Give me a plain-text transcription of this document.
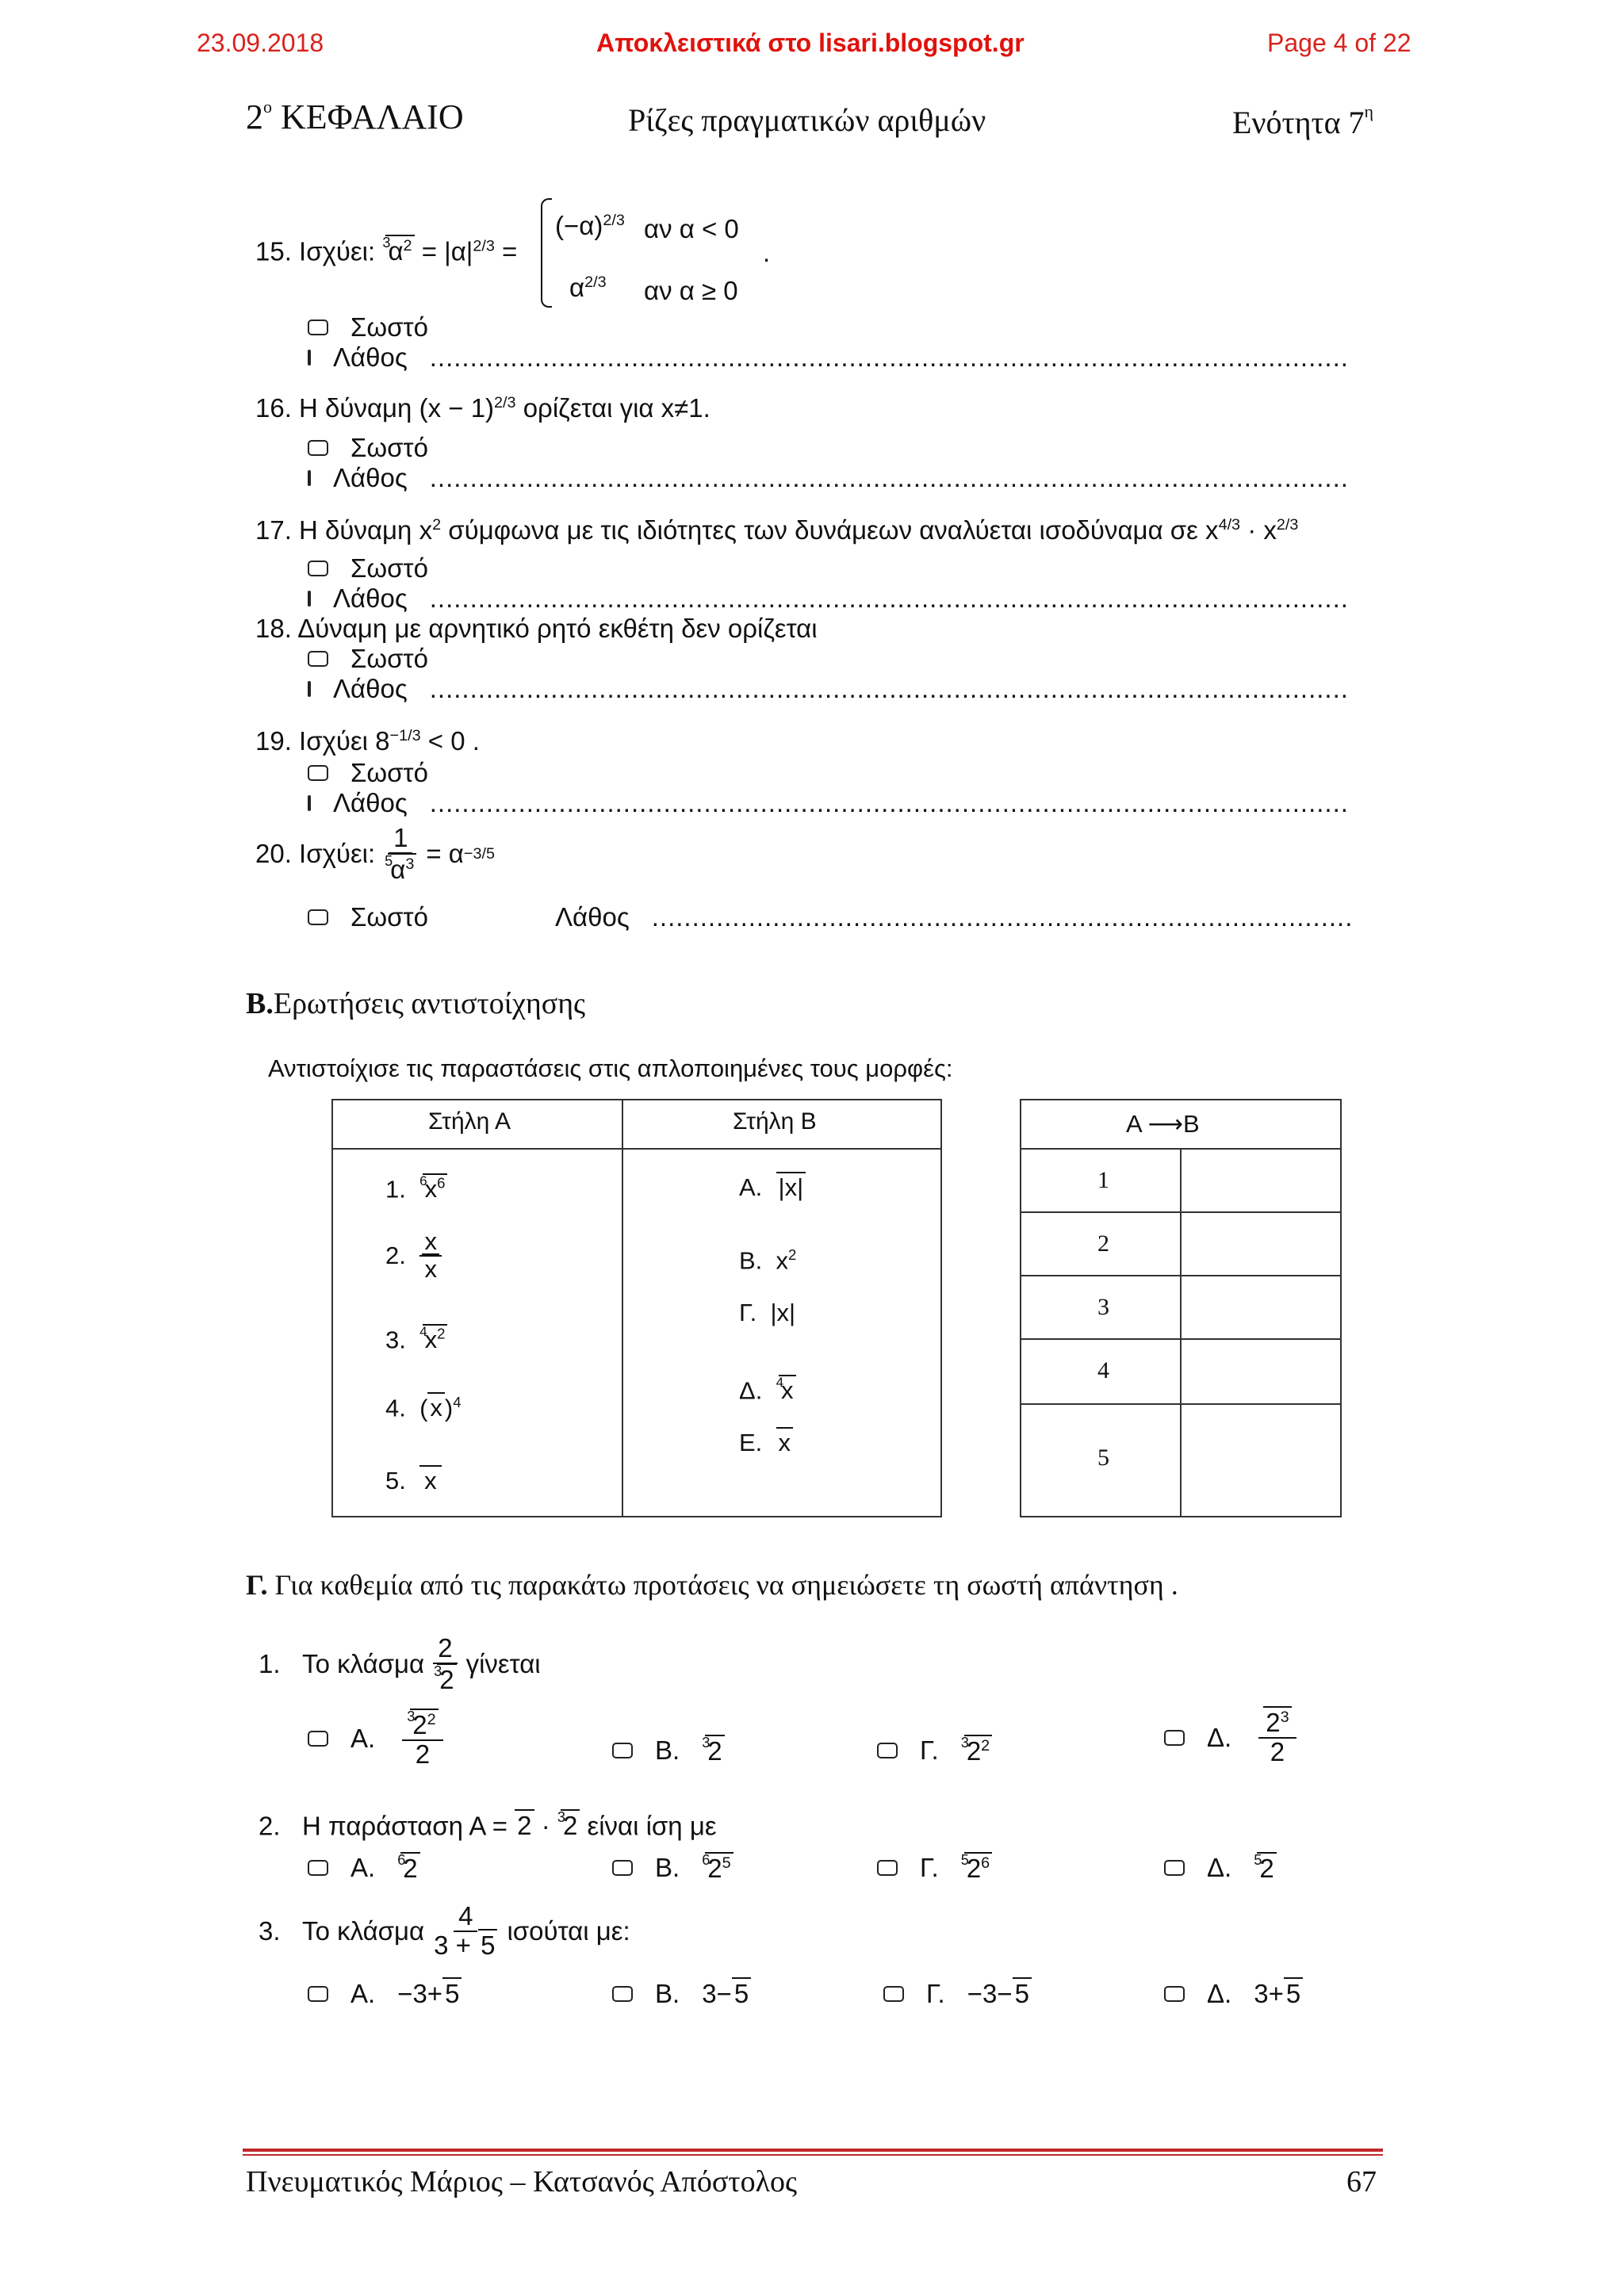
23.09.2018	Αποκλειστικά στο lisari.blogspot.gr	Page 4 of 22
$2^o$ ΚΕΦΑΛΑΙΟ	Ρίζες πραγματικών αριθμών	Ενότητα $7^\eta$
15. Ισχύει: $^3\alpha^2 = |\alpha|^{2/3}$ =
$(-\alpha)^{2/3}$ αν α < 0
$\alpha^{2/3}$ αν α ≥ 0
.
Σωστό
Λάθος
.....
16. Η δύναμη $(x - 1)^{2/3}$ ορίζεται για x≠1.
Σωστό
Λάθος
.....
17. Η δύναμη $x^2$ σύμφωνα με τις ιδιότητες των δυνάμεων αναλύεται ισοδύναμα σε $x^{4/3} \cdot x^{2/3}$
Σωστό
Λάθος
.....
18. Δύναμη με αρνητικό ρητό εκθέτη δεν ορίζεται
Σωστό
Λάθος
.....
19. Ισχύει $8^{-1/3} < 0$ .
Σωστό
Λάθος
.....
20.
Ισχύει: $\frac{1}{^5\alpha^3} = \alpha -3/5$
Σωστό	Λάθος
.....
Β.Ερωτήσεις αντιστοίχησης
Αντιστοίχισε τις παραστάσεις στις απλοποιημένες τους μορφές:
Στήλη Α	Στήλη Β
1. $^6x^6$
2.
$\frac{x}{x}$
3. $^4x^2$
4.  $(x)^4$
5. x
Α. |x|
Β.  $x^2$
Γ.  |x|
Δ. $^4$x
Ε. x
Α ⟶Β
1
2
3
4
5
Γ. Για καθεμία από τις παρακάτω προτάσεις να σημειώσετε τη σωστή απάντηση .
1.
Το κλάσμα $\frac{2}{^32}$ γίνεται
Α. $\frac{^32^2}{2}$	Β. $^3$2	Γ. $^32^2$	Δ. $\frac{2^3}{2}$
2. Η παράσταση Α = 2 · $^3$2 είναι ίση με
Α. $^6$2	Β. $^62^5$	Γ. $^52^6$	Δ. $^5$2
3.
Το κλάσμα $\frac{4}{3 + 5}$ ισούται με:
Α. −3+5	Β. 3−5	Γ. −3−5	Δ. 3+5
Πνευματικός Μάριος – Κατσανός Απόστολος	67
